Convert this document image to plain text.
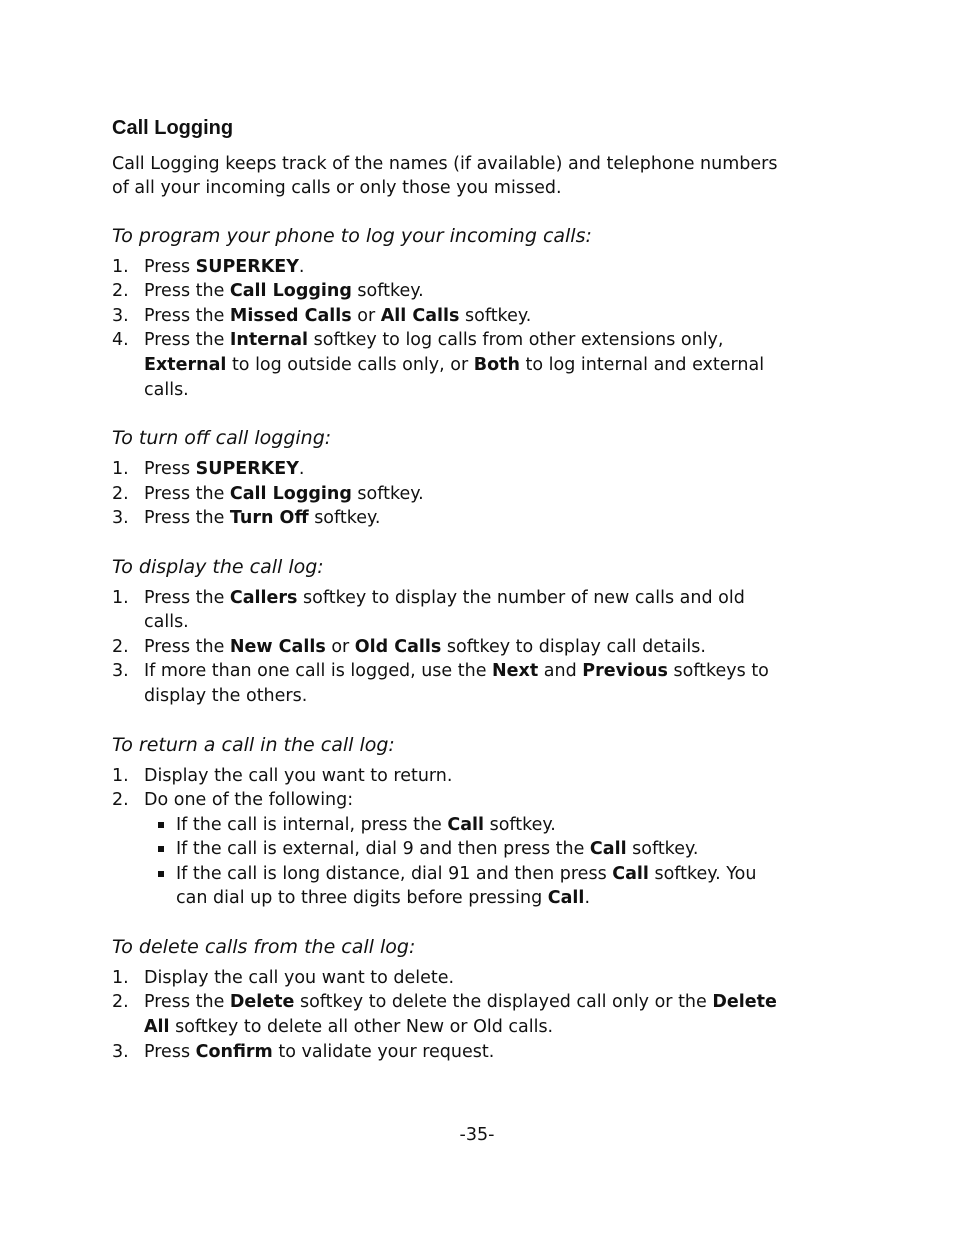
Call Logging
Call Logging keeps track of the names (if available) and telephone numbers
of all your incoming calls or only those you missed.
To program your phone to log your incoming calls:
1. Press SUPERKEY.
2. Press the Call Logging softkey.
3. Press the Missed Calls or All Calls softkey.
4. Press the Internal softkey to log calls from other extensions only,
External to log outside calls only, or Both to log internal and external
calls.
To turn off call logging:
1. Press SUPERKEY.
2. Press the Call Logging softkey.
3. Press the Turn Off softkey.
To display the call log:
1. Press the Callers softkey to display the number of new calls and old
calls.
2. Press the New Calls or Old Calls softkey to display call details.
3. If more than one call is logged, use the Next and Previous softkeys to
display the others.
To return a call in the call log:
1. Display the call you want to return.
2. Do one of the following:
If the call is internal, press the Call softkey.
If the call is external, dial 9 and then press the Call softkey.
If the call is long distance, dial 91 and then press Call softkey. You
can dial up to three digits before pressing Call.
To delete calls from the call log:
1. Display the call you want to delete.
2. Press the Delete softkey to delete the displayed call only or the Delete
All softkey to delete all other New or Old calls.
3. Press Confirm to validate your request.
-35-
